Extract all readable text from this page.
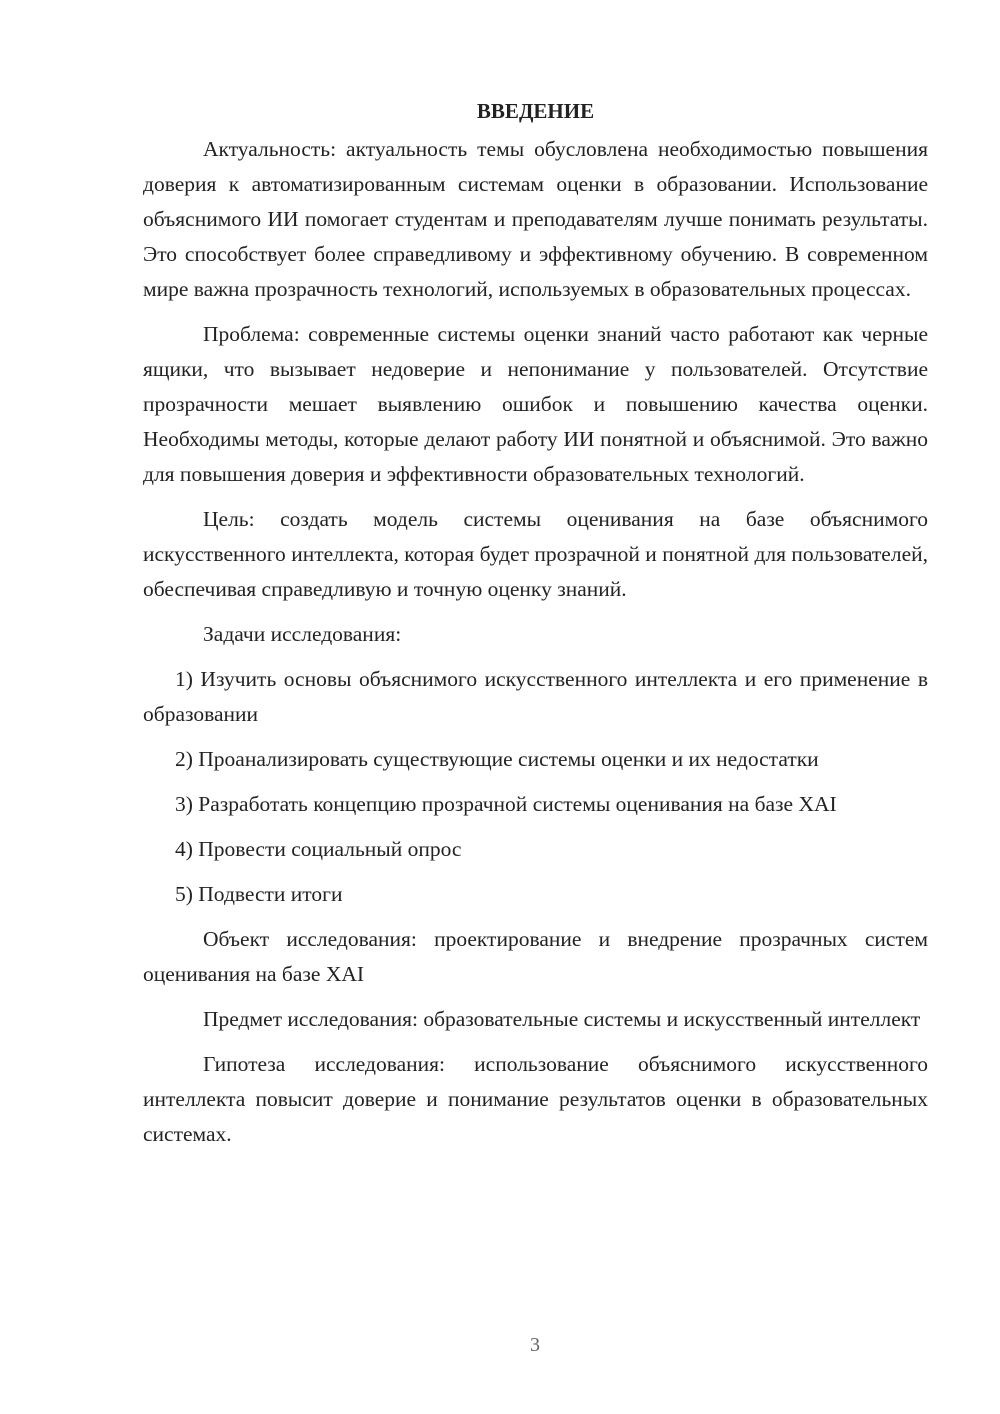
ВВЕДЕНИЕ

Актуальность: актуальность темы обусловлена необходимостью повышения доверия к автоматизированным системам оценки в образовании. Использование объяснимого ИИ помогает студентам и преподавателям лучше понимать результаты. Это способствует более справедливому и эффективному обучению. В современном мире важна прозрачность технологий, используемых в образовательных процессах.

Проблема: современные системы оценки знаний часто работают как черные ящики, что вызывает недоверие и непонимание у пользователей. Отсутствие прозрачности мешает выявлению ошибок и повышению качества оценки. Необходимы методы, которые делают работу ИИ понятной и объяснимой. Это важно для повышения доверия и эффективности образовательных технологий.

Цель: создать модель системы оценивания на базе объяснимого искусственного интеллекта, которая будет прозрачной и понятной для пользователей, обеспечивая справедливую и точную оценку знаний.

Задачи исследования:

1) Изучить основы объяснимого искусственного интеллекта и его применение в образовании

2) Проанализировать существующие системы оценки и их недостатки

3) Разработать концепцию прозрачной системы оценивания на базе XAI

4) Провести социальный опрос

5) Подвести итоги

Объект исследования: проектирование и внедрение прозрачных систем оценивания на базе XAI

Предмет исследования: образовательные системы и искусственный интеллект

Гипотеза исследования: использование объяснимого искусственного интеллекта повысит доверие и понимание результатов оценки в образовательных системах.

3
